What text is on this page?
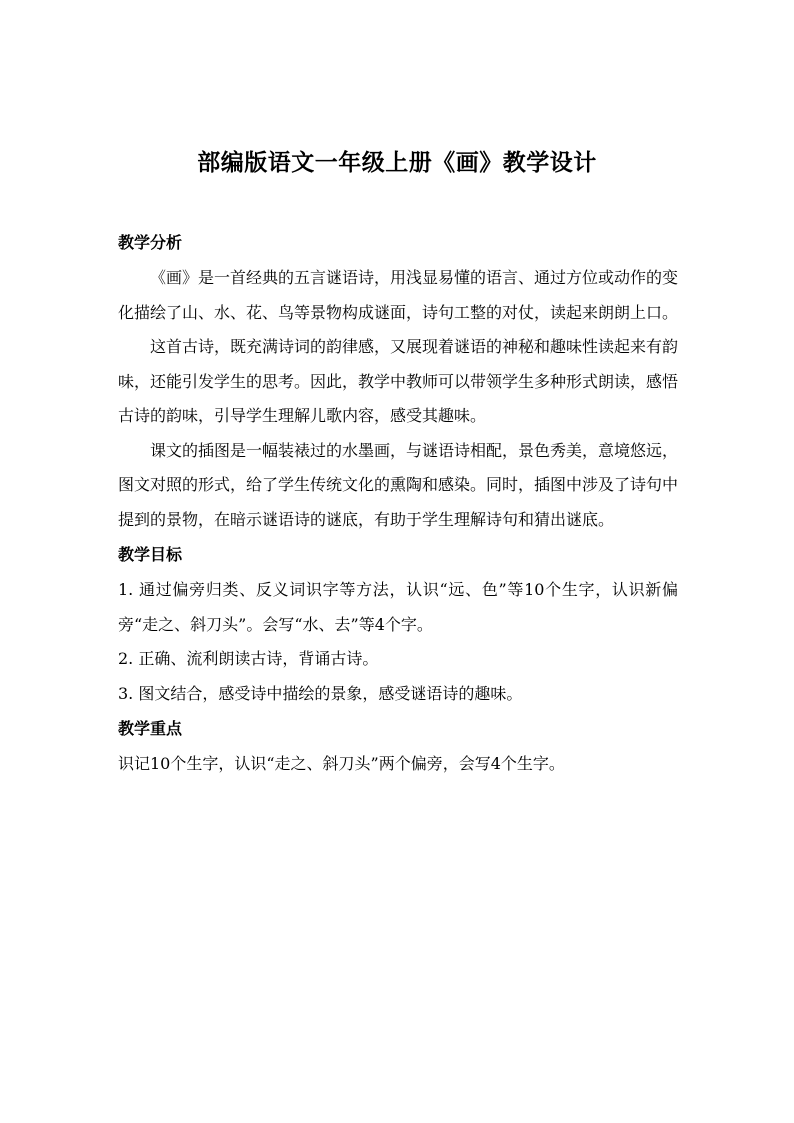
部编版语文一年级上册《画》教学设计
教学分析

《画》是一首经典的五言谜语诗，用浅显易懂的语言、通过方位或动作的变化描绘了山、水、花、鸟等景物构成谜面，诗句工整的对仗，读起来朗朗上口。

这首古诗，既充满诗词的韵律感，又展现着谜语的神秘和趣味性读起来有韵味，还能引发学生的思考。因此，教学中教师可以带领学生多种形式朗读，感悟古诗的韵味，引导学生理解儿歌内容，感受其趣味。

课文的插图是一幅装裱过的水墨画，与谜语诗相配，景色秀美，意境悠远，图文对照的形式，给了学生传统文化的熏陶和感染。同时，插图中涉及了诗句中提到的景物，在暗示谜语诗的谜底，有助于学生理解诗句和猜出谜底。

教学目标

1. 通过偏旁归类、反义词识字等方法，认识“远、色”等10个生字，认识新偏旁“走之、斜刀头”。会写“水、去”等4个字。

2. 正确、流利朗读古诗，背诵古诗。

3. 图文结合，感受诗中描绘的景象，感受谜语诗的趣味。

教学重点

识记10个生字，认识“走之、斜刀头”两个偏旁，会写4个生字。
